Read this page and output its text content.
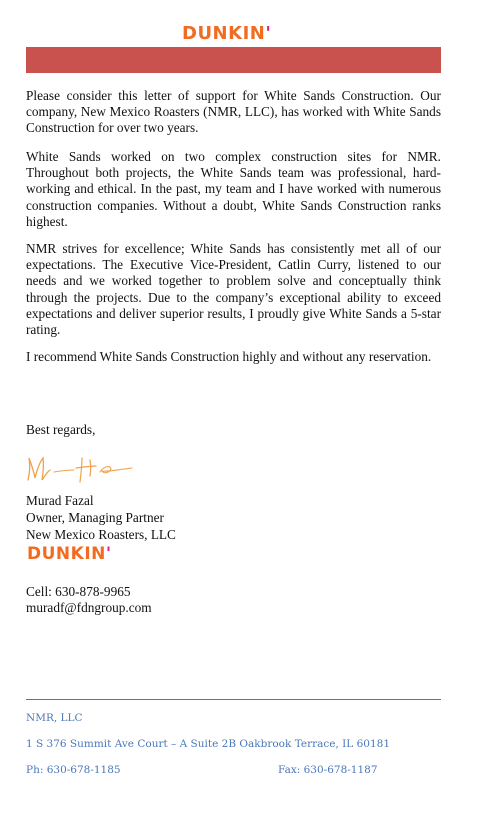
DUNKIN'

Please consider this letter of support for White Sands Construction. Our company, New Mexico Roasters (NMR, LLC), has worked with White Sands Construction for over two years.

White Sands worked on two complex construction sites for NMR. Throughout both projects, the White Sands team was professional, hard-working and ethical. In the past, my team and I have worked with numerous construction companies. Without a doubt, White Sands Construction ranks highest.

NMR strives for excellence; White Sands has consistently met all of our expectations. The Executive Vice-President, Catlin Curry, listened to our needs and we worked together to problem solve and conceptually think through the projects. Due to the company’s exceptional ability to exceed expectations and deliver superior results, I proudly give White Sands a 5-star rating.

I recommend White Sands Construction highly and without any reservation.

Best regards,
Murad Fazal
Owner, Managing Partner
New Mexico Roasters, LLC
DUNKIN'
Cell: 630-878-9965
muradf@fdngroup.com
NMR, LLC
1 S 376 Summit Ave Court – A Suite 2B Oakbrook Terrace, IL 60181
Ph: 630-678-1185	Fax: 630-678-1187
